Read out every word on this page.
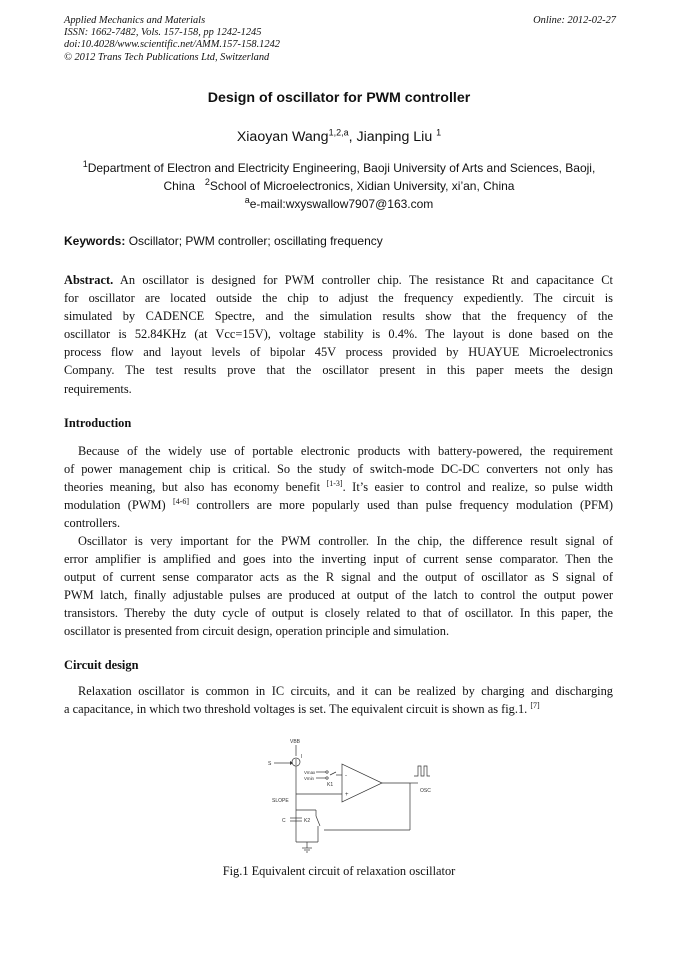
Applied Mechanics and Materials
ISSN: 1662-7482, Vols. 157-158, pp 1242-1245
doi:10.4028/www.scientific.net/AMM.157-158.1242
© 2012 Trans Tech Publications Ltd, Switzerland
Online: 2012-02-27
Design of oscillator for PWM controller
Xiaoyan Wang$^{1,2,a}$, Jianping Liu $^1$
$^1$Department of Electron and Electricity Engineering, Baoji University of Arts and Sciences, Baoji,
China $^2$School of Microelectronics, Xidian University, xi’an, China
$^a$e-mail:wxyswallow7907@163.com
Keywords: Oscillator; PWM controller; oscillating frequency
Abstract. An oscillator is designed for PWM controller chip. The resistance Rt and capacitance Ct
for oscillator are located outside the chip to adjust the frequency expediently. The circuit is
simulated by CADENCE Spectre, and the simulation results show that the frequency of the
oscillator is 52.84KHz (at Vcc=15V), voltage stability is 0.4%. The layout is done based on the
process flow and layout levels of bipolar 45V process provided by HUAYUE Microelectronics
Company. The test results prove that the oscillator present in this paper meets the design
requirements.
Introduction
Because of the widely use of portable electronic products with battery-powered, the requirement
of power management chip is critical. So the study of switch-mode DC-DC converters not only has
theories meaning, but also has economy benefit [1-3]. It’s easier to control and realize, so pulse width
modulation (PWM) [4-6] controllers are more popularly used than pulse frequency modulation (PFM)
controllers.
Oscillator is very important for the PWM controller. In the chip, the difference result signal of
error amplifier is amplified and goes into the inverting input of current sense comparator. Then the
output of current sense comparator acts as the R signal and the output of oscillator as S signal of
PWM latch, finally adjustable pulses are produced at output of the latch to control the output power
transistors. Thereby the duty cycle of output is closely related to that of oscillator. In this paper, the
oscillator is presented from circuit design, operation principle and simulation.
Circuit design
Relaxation oscillator is common in IC circuits, and it can be realized by charging and discharging
a capacitance, in which two threshold voltages is set. The equivalent circuit is shown as fig.1. [7]
VBB
I
S
Vmax
Vmin
K1
-
+
OSC
SLOPE
C	K2
Fig.1 Equivalent circuit of relaxation oscillator
